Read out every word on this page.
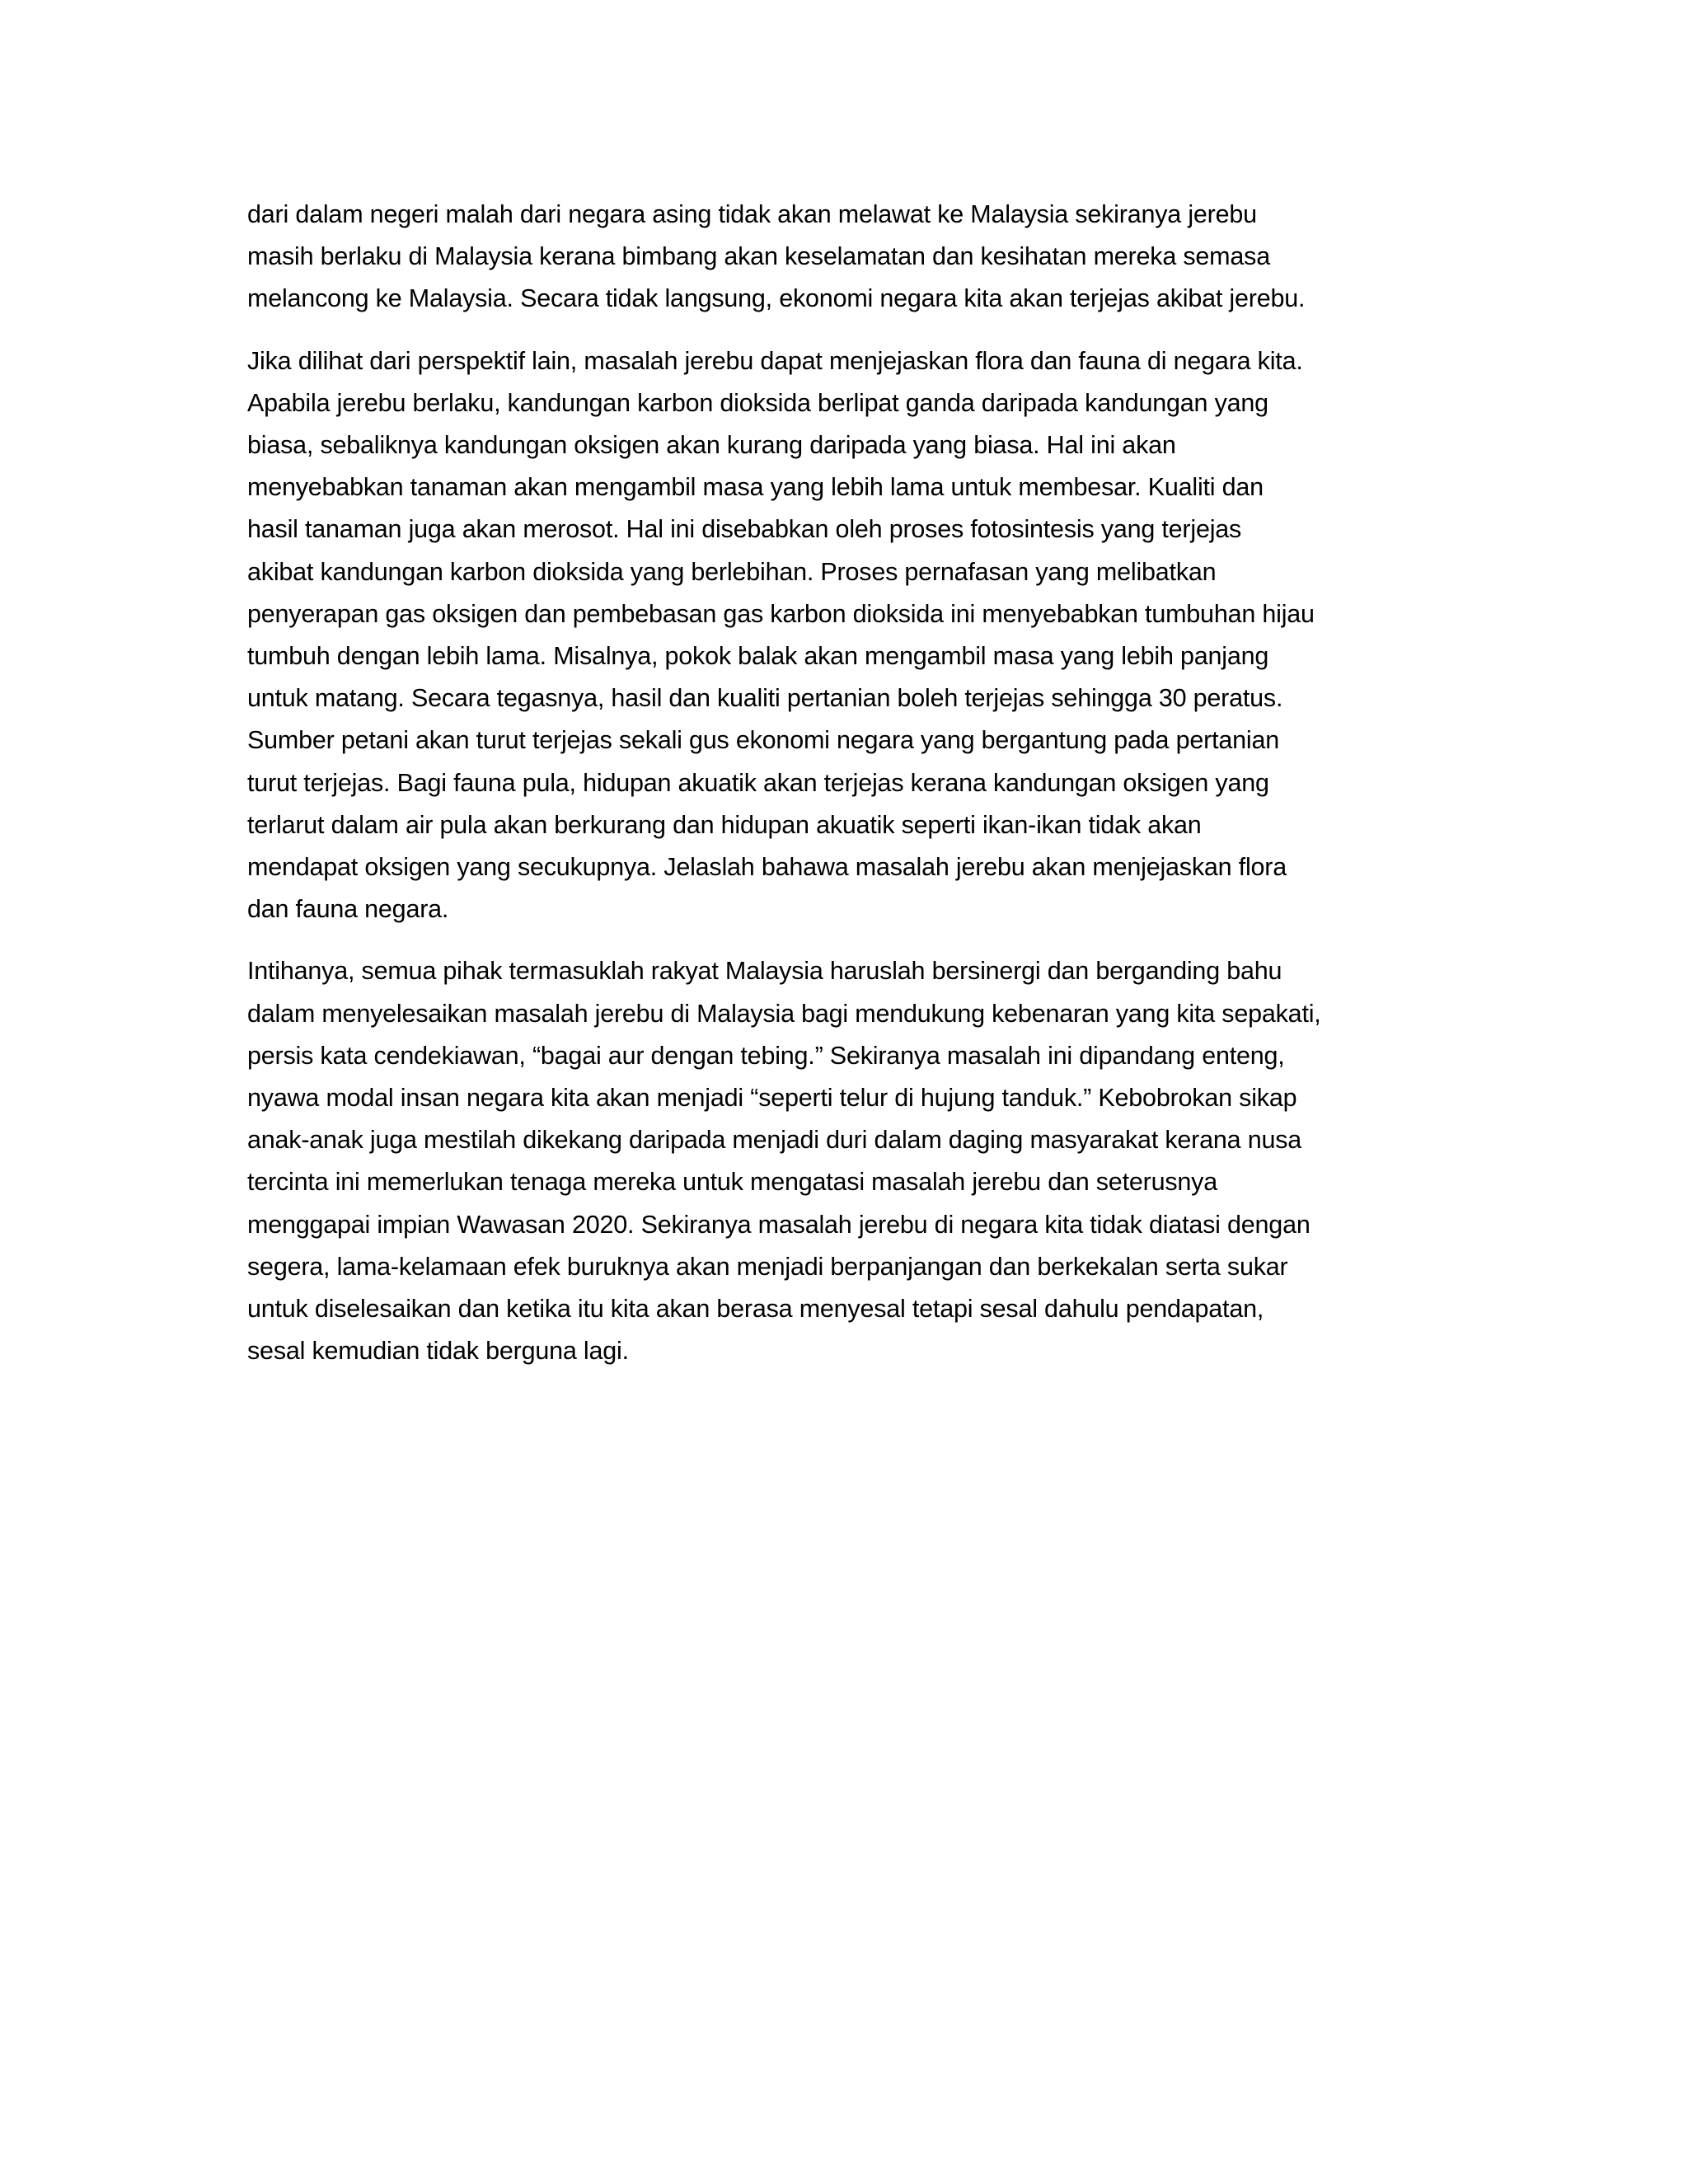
dari dalam negeri malah dari negara asing tidak akan melawat ke Malaysia sekiranya jerebu
masih berlaku di Malaysia kerana bimbang akan keselamatan dan kesihatan mereka semasa
melancong ke Malaysia. Secara tidak langsung, ekonomi negara kita akan terjejas akibat jerebu.

Jika dilihat dari perspektif lain, masalah jerebu dapat menjejaskan flora dan fauna di negara kita.
Apabila jerebu berlaku, kandungan karbon dioksida berlipat ganda daripada kandungan yang
biasa, sebaliknya kandungan oksigen akan kurang daripada yang biasa. Hal ini akan
menyebabkan tanaman akan mengambil masa yang lebih lama untuk membesar. Kualiti dan
hasil tanaman juga akan merosot. Hal ini disebabkan oleh proses fotosintesis yang terjejas
akibat kandungan karbon dioksida yang berlebihan. Proses pernafasan yang melibatkan
penyerapan gas oksigen dan pembebasan gas karbon dioksida ini menyebabkan tumbuhan hijau
tumbuh dengan lebih lama. Misalnya, pokok balak akan mengambil masa yang lebih panjang
untuk matang. Secara tegasnya, hasil dan kualiti pertanian boleh terjejas sehingga 30 peratus.
Sumber petani akan turut terjejas sekali gus ekonomi negara yang bergantung pada pertanian
turut terjejas. Bagi fauna pula, hidupan akuatik akan terjejas kerana kandungan oksigen yang
terlarut dalam air pula akan berkurang dan hidupan akuatik seperti ikan-ikan tidak akan
mendapat oksigen yang secukupnya. Jelaslah bahawa masalah jerebu akan menjejaskan flora
dan fauna negara.

Intihanya, semua pihak termasuklah rakyat Malaysia haruslah bersinergi dan berganding bahu
dalam menyelesaikan masalah jerebu di Malaysia bagi mendukung kebenaran yang kita sepakati,
persis kata cendekiawan, “bagai aur dengan tebing.” Sekiranya masalah ini dipandang enteng,
nyawa modal insan negara kita akan menjadi “seperti telur di hujung tanduk.” Kebobrokan sikap
anak-anak juga mestilah dikekang daripada menjadi duri dalam daging masyarakat kerana nusa
tercinta ini memerlukan tenaga mereka untuk mengatasi masalah jerebu dan seterusnya
menggapai impian Wawasan 2020. Sekiranya masalah jerebu di negara kita tidak diatasi dengan
segera, lama-kelamaan efek buruknya akan menjadi berpanjangan dan berkekalan serta sukar
untuk diselesaikan dan ketika itu kita akan berasa menyesal tetapi sesal dahulu pendapatan,
sesal kemudian tidak berguna lagi.
